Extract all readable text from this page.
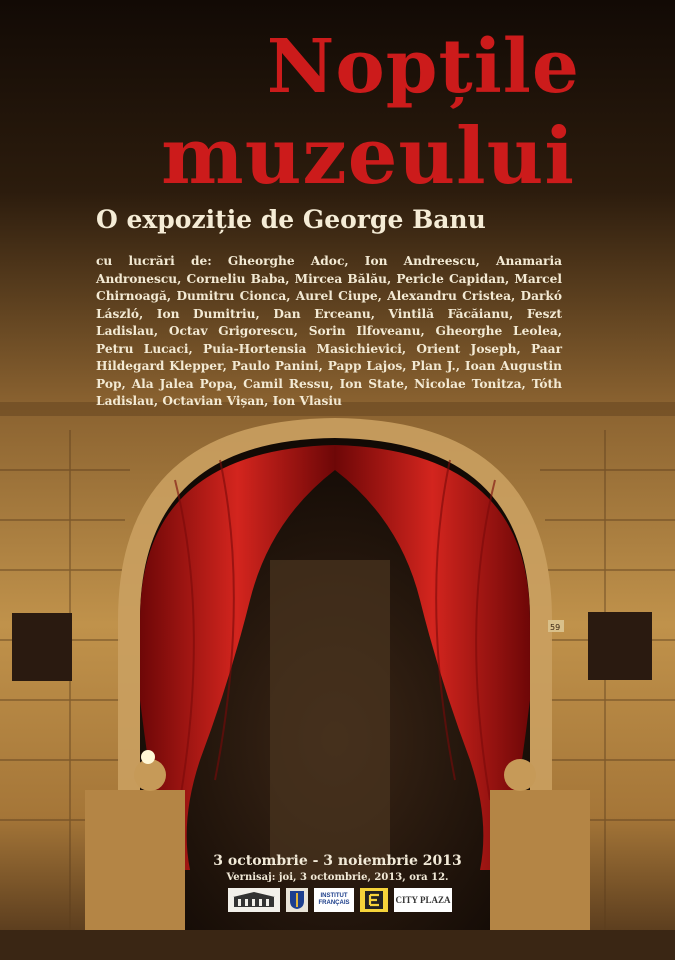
59
Nopțile
muzeului
O expoziție de George Banu
cu lucrări de: Gheorghe Adoc, Ion Andreescu, Anamaria Andronescu, Corneliu Baba, Mircea Bălău, Pericle Capidan, Marcel Chirnoagă, Dumitru Cionca, Aurel Ciupe, Alexandru Cristea, Darkó László, Ion Dumitriu, Dan Erceanu, Vintilă Făcăianu, Feszt Ladislau, Octav Grigorescu, Sorin Ilfoveanu, Gheorghe Leolea, Petru Lucaci, Puia-Hortensia Masichievici, Orient Joseph, Paar Hildegard Klepper, Paulo Panini, Papp Lajos, Plan J., Ioan Augustin Pop, Ala Jalea Popa, Camil Ressu, Ion State, Nicolae Tonitza, Tóth Ladislau, Octavian Vișan, Ion Vlasiu
3 octombrie - 3 noiembrie 2013
Vernisaj: joi, 3 octombrie, 2013, ora 12.
INSTITUT FRANÇAIS	CITY PLAZA
